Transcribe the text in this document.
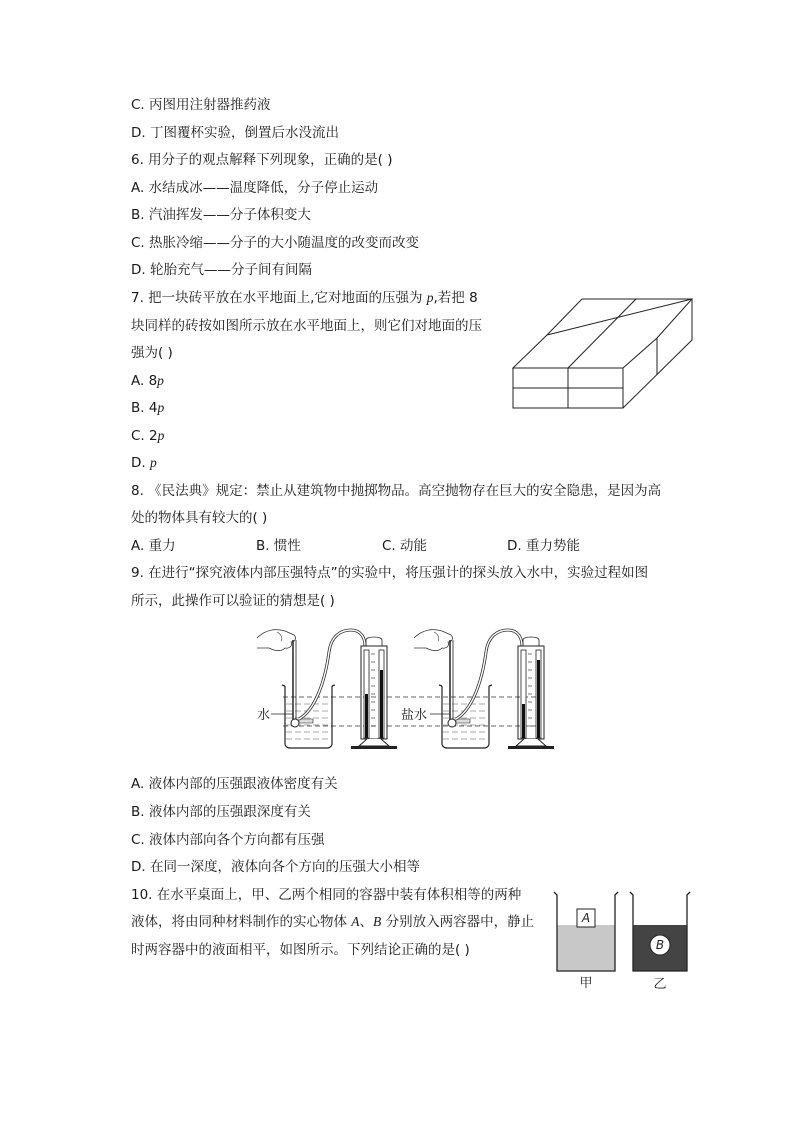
C. 丙图用注射器推药液
D. 丁图覆杯实验，倒置后水没流出
6. 用分子的观点解释下列现象，正确的是( )
A. 水结成冰——温度降低，分子停止运动
B. 汽油挥发——分子体积变大
C. 热胀冷缩——分子的大小随温度的改变而改变
D. 轮胎充气——分子间有间隔
7. 把一块砖平放在水平地面上,它对地面的压强为 p,若把 8
块同样的砖按如图所示放在水平地面上，则它们对地面的压
强为( )
A. 8p
B. 4p
C. 2p
D. p
8. 《民法典》规定：禁止从建筑物中抛掷物品。高空抛物存在巨大的安全隐患，是因为高
处的物体具有较大的( )
A. 重力	B. 惯性	C. 动能	D. 重力势能
9. 在进行“探究液体内部压强特点”的实验中，将压强计的探头放入水中，实验过程如图
所示，此操作可以验证的猜想是( )
水	盐水
A. 液体内部的压强跟液体密度有关
B. 液体内部的压强跟深度有关
C. 液体内部向各个方向都有压强
D. 在同一深度，液体向各个方向的压强大小相等
10. 在水平桌面上，甲、乙两个相同的容器中装有体积相等的两种
液体，将由同种材料制作的实心物体 A、B 分别放入两容器中，静止
时两容器中的液面相平，如图所示。下列结论正确的是( )
A
B
甲	乙
